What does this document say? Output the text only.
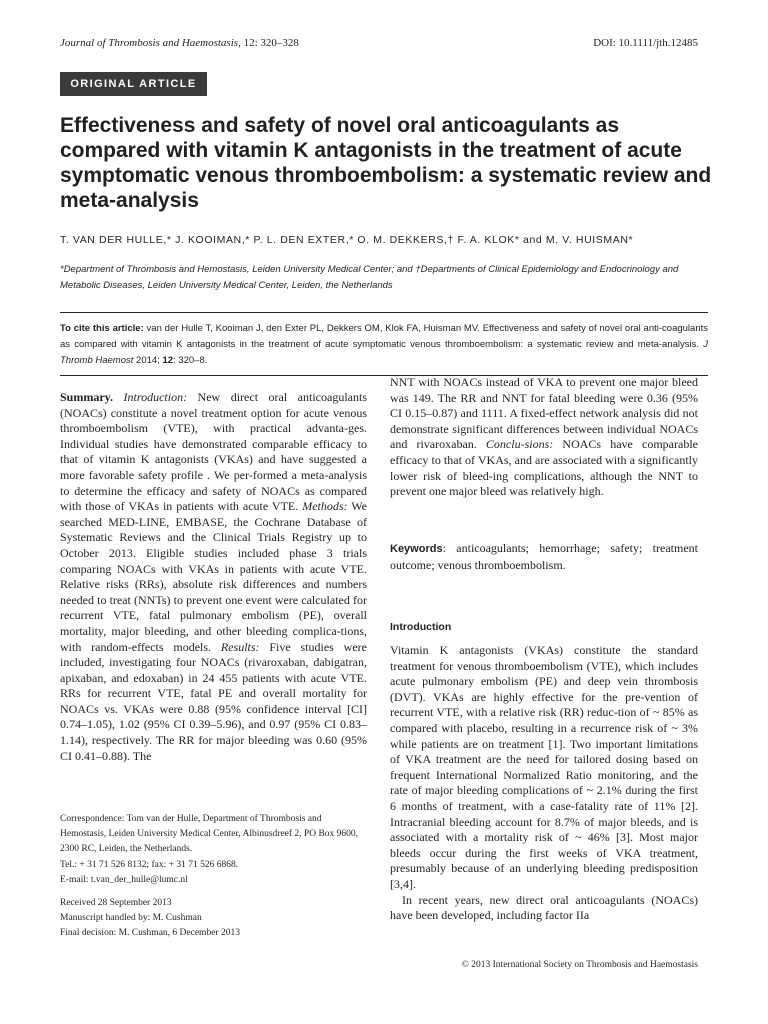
Journal of Thrombosis and Haemostasis, 12: 320–328	DOI: 10.1111/jth.12485
ORIGINAL ARTICLE
Effectiveness and safety of novel oral anticoagulants as compared with vitamin K antagonists in the treatment of acute symptomatic venous thromboembolism: a systematic review and meta-analysis
T. VAN DER HULLE,* J. KOOIMAN,* P. L. DEN EXTER,* O. M. DEKKERS,† F. A. KLOK* and M. V. HUISMAN*
*Department of Thrombosis and Hemostasis, Leiden University Medical Center; and †Departments of Clinical Epidemiology and Endocrinology and Metabolic Diseases, Leiden University Medical Center, Leiden, the Netherlands
To cite this article: van der Hulle T, Kooiman J, den Exter PL, Dekkers OM, Klok FA, Huisman MV. Effectiveness and safety of novel oral anti-coagulants as compared with vitamin K antagonists in the treatment of acute symptomatic venous thromboembolism: a systematic review and meta-analysis. J Thromb Haemost 2014; 12: 320–8.

Summary. Introduction: New direct oral anticoagulants (NOACs) constitute a novel treatment option for acute venous thromboembolism (VTE), with practical advanta-ges. Individual studies have demonstrated comparable efficacy to that of vitamin K antagonists (VKAs) and have suggested a more favorable safety profile . We per-formed a meta-analysis to determine the efficacy and safety of NOACs as compared with those of VKAs in patients with acute VTE. Methods: We searched MED-LINE, EMBASE, the Cochrane Database of Systematic Reviews and the Clinical Trials Registry up to October 2013. Eligible studies included phase 3 trials comparing NOACs with VKAs in patients with acute VTE. Relative risks (RRs), absolute risk differences and numbers needed to treat (NNTs) to prevent one event were calculated for recurrent VTE, fatal pulmonary embolism (PE), overall mortality, major bleeding, and other bleeding complica-tions, with random-effects models. Results: Five studies were included, investigating four NOACs (rivaroxaban, dabigatran, apixaban, and edoxaban) in 24 455 patients with acute VTE. RRs for recurrent VTE, fatal PE and overall mortality for NOACs vs. VKAs were 0.88 (95% confidence interval [CI] 0.74–1.05), 1.02 (95% CI 0.39–5.96), and 0.97 (95% CI 0.83–1.14), respectively. The RR for major bleeding was 0.60 (95% CI 0.41–0.88). The

NNT with NOACs instead of VKA to prevent one major bleed was 149. The RR and NNT for fatal bleeding were 0.36 (95% CI 0.15–0.87) and 1111. A fixed-effect network analysis did not demonstrate significant differences between individual NOACs and rivaroxaban. Conclu-sions: NOACs have comparable efficacy to that of VKAs, and are associated with a significantly lower risk of bleed-ing complications, although the NNT to prevent one major bleed was relatively high.

Keywords: anticoagulants; hemorrhage; safety; treatment outcome; venous thromboembolism.

Introduction

Vitamin K antagonists (VKAs) constitute the standard treatment for venous thromboembolism (VTE), which includes acute pulmonary embolism (PE) and deep vein thrombosis (DVT). VKAs are highly effective for the pre-vention of recurrent VTE, with a relative risk (RR) reduc-tion of ~ 85% as compared with placebo, resulting in a recurrence risk of ~ 3% while patients are on treatment [1]. Two important limitations of VKA treatment are the need for tailored dosing based on frequent International Normalized Ratio monitoring, and the rate of major bleeding complications of ~ 2.1% during the first 6 months of treatment, with a case-fatality rate of 11% [2]. Intracranial bleeding account for 8.7% of major bleeds, and is associated with a mortality risk of ~ 46% [3]. Most major bleeds occur during the first weeks of VKA treatment, presumably because of an underlying bleeding predisposition [3,4].

In recent years, new direct oral anticoagulants (NOACs) have been developed, including factor IIa

Correspondence: Tom van der Hulle, Department of Thrombosis and Hemostasis, Leiden University Medical Center, Albinusdreef 2, PO Box 9600, 2300 RC, Leiden, the Netherlands.

Tel.: + 31 71 526 8132; fax: + 31 71 526 6868.

E-mail: t.van_der_hulle@lumc.nl

Received 28 September 2013

Manuscript handled by: M. Cushman

Final decision: M. Cushman, 6 December 2013

© 2013 International Society on Thrombosis and Haemostasis
